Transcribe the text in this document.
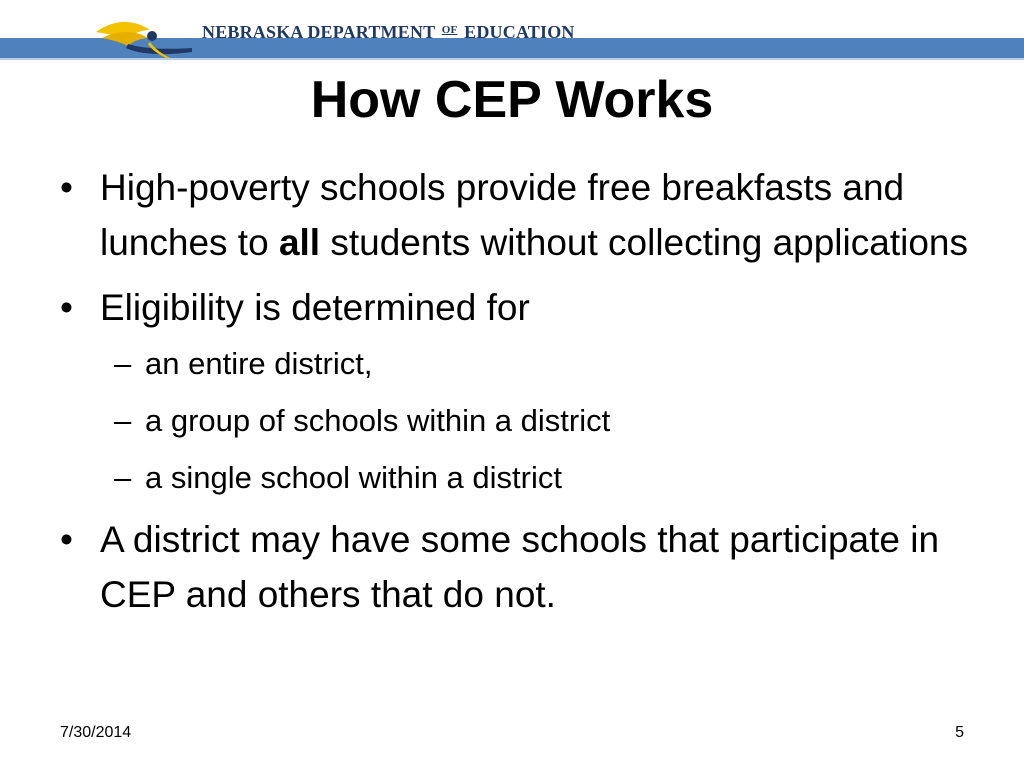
NEBRASKA DEPARTMENT $^{OF}$ EDUCATION
How CEP Works
• High-poverty schools provide free breakfasts and lunches to all students without collecting applications
• Eligibility is determined for
– an entire district,
– a group of schools within a district
– a single school within a district
• A district may have some schools that participate in CEP and others that do not.
7/30/2014	5
